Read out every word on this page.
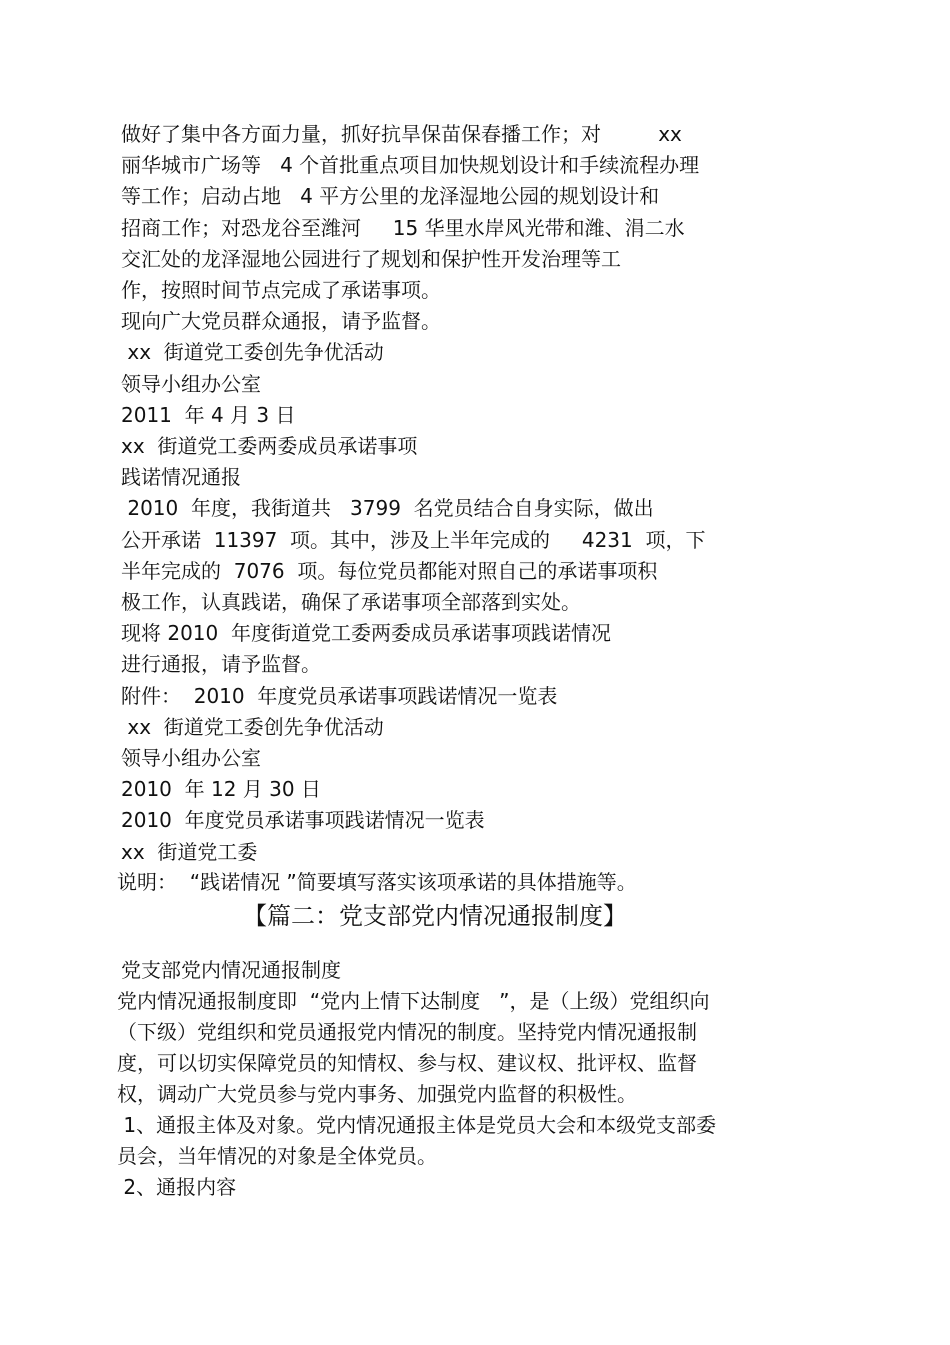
做好了集中各方面力量，抓好抗旱保苗保春播工作；对         xx
丽华城市广场等   4 个首批重点项目加快规划设计和手续流程办理
等工作；启动占地   4 平方公里的龙泽湿地公园的规划设计和
招商工作；对恐龙谷至潍河     15 华里水岸风光带和潍、涓二水
交汇处的龙泽湿地公园进行了规划和保护性开发治理等工
作，按照时间节点完成了承诺事项。
现向广大党员群众通报，请予监督。
xx  街道党工委创先争优活动
领导小组办公室
2011  年 4 月 3 日
xx  街道党工委两委成员承诺事项
践诺情况通报
2010  年度，我街道共   3799  名党员结合自身实际，做出
公开承诺  11397  项。其中，涉及上半年完成的     4231  项，下
半年完成的  7076  项。每位党员都能对照自己的承诺事项积
极工作，认真践诺，确保了承诺事项全部落到实处。
现将 2010  年度街道党工委两委成员承诺事项践诺情况
进行通报，请予监督。
附件：  2010  年度党员承诺事项践诺情况一览表
xx  街道党工委创先争优活动
领导小组办公室
2010  年 12 月 30 日
2010  年度党员承诺事项践诺情况一览表
xx  街道党工委
说明：  “践诺情况 ”简要填写落实该项承诺的具体措施等。
【篇二：党支部党内情况通报制度】
党支部党内情况通报制度
党内情况通报制度即  “党内上情下达制度   ”，是（上级）党组织向
（下级）党组织和党员通报党内情况的制度。坚持党内情况通报制
度，可以切实保障党员的知情权、参与权、建议权、批评权、监督
权，调动广大党员参与党内事务、加强党内监督的积极性。
1、通报主体及对象。党内情况通报主体是党员大会和本级党支部委
员会，当年情况的对象是全体党员。
2、通报内容
